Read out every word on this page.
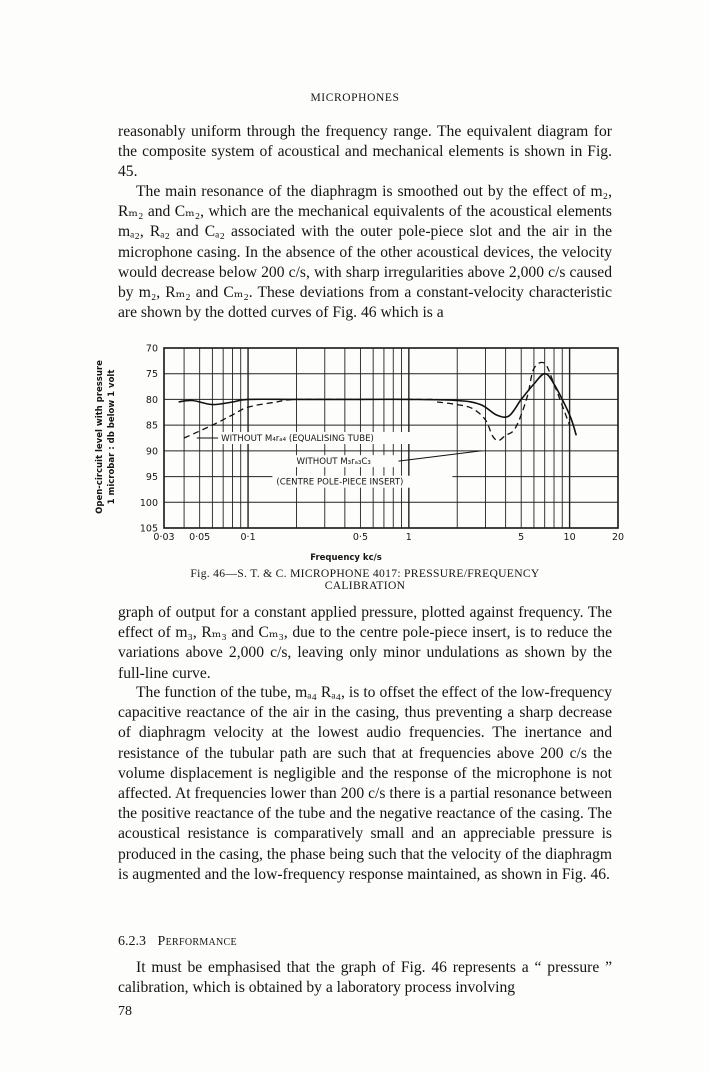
MICROPHONES

reasonably uniform through the frequency range. The equivalent diagram for the composite system of acoustical and mechanical elements is shown in Fig. 45.

The main resonance of the diaphragm is smoothed out by the effect of m₂, Rₘ₂ and Cₘ₂, which are the mechanical equivalents of the acoustical elements mₐ₂, Rₐ₂ and Cₐ₂ associated with the outer pole-piece slot and the air in the microphone casing. In the absence of the other acoustical devices, the velocity would decrease below 200 c/s, with sharp irregularities above 2,000 c/s caused by m₂, Rₘ₂ and Cₘ₂. These deviations from a constant-velocity characteristic are shown by the dotted curves of Fig. 46 which is a

70
75
80
85
90
95
100
105
0·03 0·05	0·1	0·5	1	5	10	20
WITHOUT M₄rₐ₄ (EQUALISING TUBE)
WITHOUT M₃rₐ₃C₃
(CENTRE POLE-PIECE INSERT)
Frequency kc/s
Open-circuit level with pressure 1 microbar : db below 1 volt
Fig. 46—S. T. & C. MICROPHONE 4017: PRESSURE/FREQUENCY
CALIBRATION

graph of output for a constant applied pressure, plotted against frequency. The effect of m₃, Rₘ₃ and Cₘ₃, due to the centre pole-piece insert, is to reduce the variations above 2,000 c/s, leaving only minor undulations as shown by the full-line curve.

The function of the tube, mₐ₄ Rₐ₄, is to offset the effect of the low-frequency capacitive reactance of the air in the casing, thus preventing a sharp decrease of diaphragm velocity at the lowest audio frequencies. The inertance and resistance of the tubular path are such that at frequencies above 200 c/s the volume displacement is negligible and the response of the microphone is not affected. At frequencies lower than 200 c/s there is a partial resonance between the positive reactance of the tube and the negative reactance of the casing. The acoustical resistance is comparatively small and an appreciable pressure is produced in the casing, the phase being such that the velocity of the diaphragm is augmented and the low-frequency response maintained, as shown in Fig. 46.

6.2.3 Performance

It must be emphasised that the graph of Fig. 46 represents a “ pressure ” calibration, which is obtained by a laboratory process involving

78
